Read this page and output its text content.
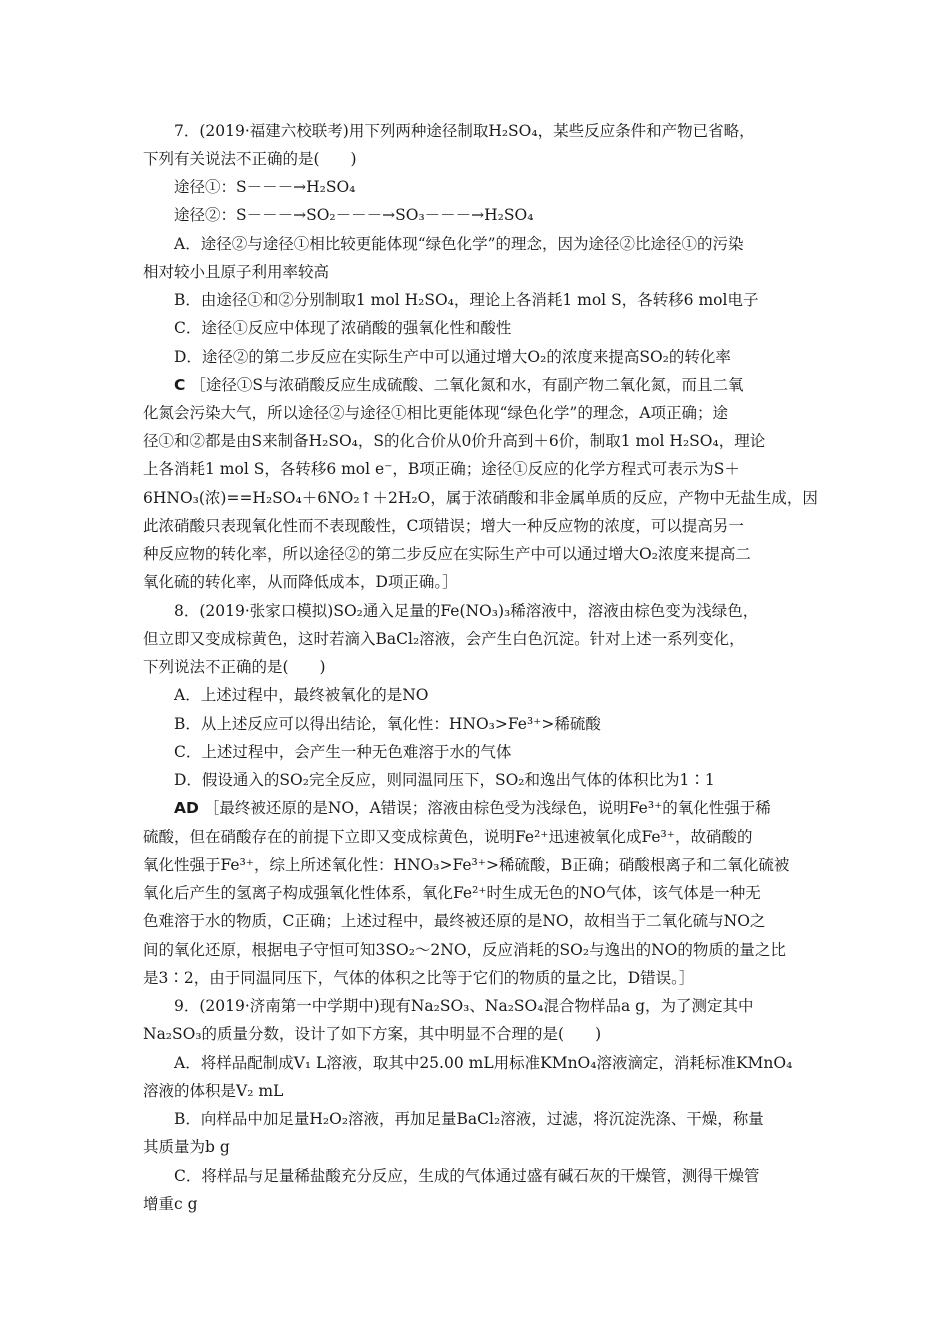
7．(2019·福建六校联考)用下列两种途径制取H₂SO₄，某些反应条件和产物已省略，
下列有关说法不正确的是(　　)
途径①：S－－－→H₂SO₄
途径②：S－－－→SO₂－－－→SO₃－－－→H₂SO₄
A．途径②与途径①相比较更能体现“绿色化学”的理念，因为途径②比途径①的污染
相对较小且原子利用率较高
B．由途径①和②分别制取1 mol H₂SO₄，理论上各消耗1 mol S，各转移6 mol电子
C．途径①反应中体现了浓硝酸的强氧化性和酸性
D．途径②的第二步反应在实际生产中可以通过增大O₂的浓度来提高SO₂的转化率
C ［途径①S与浓硝酸反应生成硫酸、二氧化氮和水，有副产物二氧化氮，而且二氧
化氮会污染大气，所以途径②与途径①相比更能体现“绿色化学”的理念，A项正确；途
径①和②都是由S来制备H₂SO₄，S的化合价从0价升高到＋6价，制取1 mol H₂SO₄，理论
上各消耗1 mol S，各转移6 mol e⁻，B项正确；途径①反应的化学方程式可表示为S＋
6HNO₃(浓)==H₂SO₄＋6NO₂↑＋2H₂O，属于浓硝酸和非金属单质的反应，产物中无盐生成，因
此浓硝酸只表现氧化性而不表现酸性，C项错误；增大一种反应物的浓度，可以提高另一
种反应物的转化率，所以途径②的第二步反应在实际生产中可以通过增大O₂浓度来提高二
氧化硫的转化率，从而降低成本，D项正确。］
8．(2019·张家口模拟)SO₂通入足量的Fe(NO₃)₃稀溶液中，溶液由棕色变为浅绿色，
但立即又变成棕黄色，这时若滴入BaCl₂溶液，会产生白色沉淀。针对上述一系列变化，
下列说法不正确的是(　　)
A．上述过程中，最终被氧化的是NO
B．从上述反应可以得出结论，氧化性：HNO₃>Fe³⁺>稀硫酸
C．上述过程中，会产生一种无色难溶于水的气体
D．假设通入的SO₂完全反应，则同温同压下，SO₂和逸出气体的体积比为1∶1
AD ［最终被还原的是NO，A错误；溶液由棕色受为浅绿色，说明Fe³⁺的氧化性强于稀
硫酸，但在硝酸存在的前提下立即又变成棕黄色，说明Fe²⁺迅速被氧化成Fe³⁺，故硝酸的
氧化性强于Fe³⁺，综上所述氧化性：HNO₃>Fe³⁺>稀硫酸，B正确；硝酸根离子和二氧化硫被
氧化后产生的氢离子构成强氧化性体系，氧化Fe²⁺时生成无色的NO气体，该气体是一种无
色难溶于水的物质，C正确；上述过程中，最终被还原的是NO，故相当于二氧化硫与NO之
间的氧化还原，根据电子守恒可知3SO₂～2NO，反应消耗的SO₂与逸出的NO的物质的量之比
是3∶2，由于同温同压下，气体的体积之比等于它们的物质的量之比，D错误。］
9．(2019·济南第一中学期中)现有Na₂SO₃、Na₂SO₄混合物样品a g，为了测定其中
Na₂SO₃的质量分数，设计了如下方案，其中明显不合理的是(　　)
A．将样品配制成V₁ L溶液，取其中25.00 mL用标准KMnO₄溶液滴定，消耗标准KMnO₄
溶液的体积是V₂ mL
B．向样品中加足量H₂O₂溶液，再加足量BaCl₂溶液，过滤，将沉淀洗涤、干燥，称量
其质量为b g
C．将样品与足量稀盐酸充分反应，生成的气体通过盛有碱石灰的干燥管，测得干燥管
增重c g
